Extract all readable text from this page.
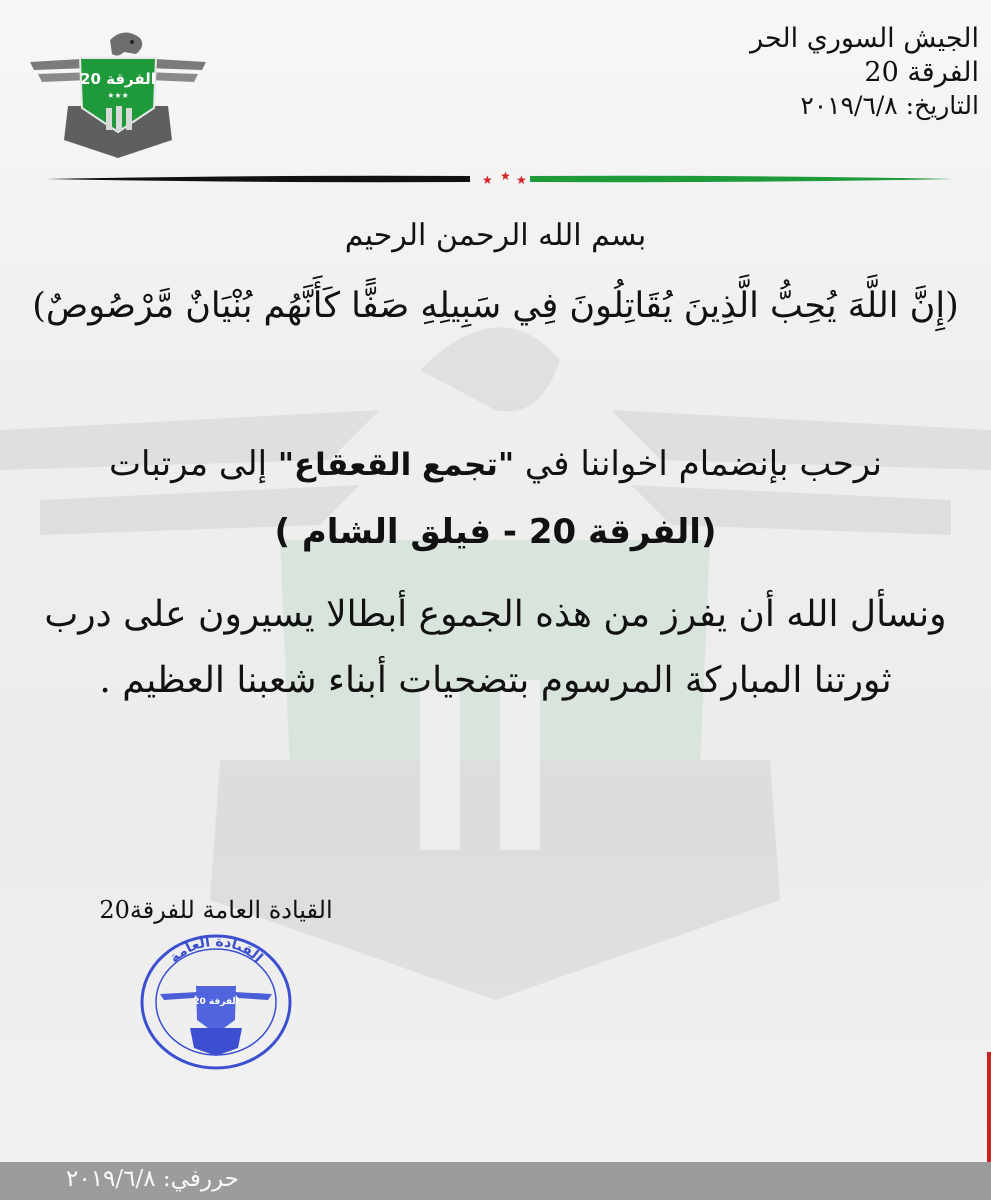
الجيش السوري الحر
الفرقة 20
التاريخ: ٢٠١٩/٦/٨
الفرقة 20
★★★
★ ★ ★
بسم الله الرحمن الرحيم
(إِنَّ اللَّهَ يُحِبُّ الَّذِينَ يُقَاتِلُونَ فِي سَبِيلِهِ صَفًّا كَأَنَّهُم بُنْيَانٌ مَّرْصُوصٌ)
نرحب بإنضمام اخواننا في "تجمع القعقاع" إلى مرتبات
(الفرقة 20 - فيلق الشام )
ونسأل الله أن يفرز من هذه الجموع أبطالا يسيرون على درب
ثورتنا المباركة المرسوم بتضحيات أبناء شعبنا العظيم .
القيادة العامة للفرقة20
القيادة العامة
الفرقة 20
حررفي: ٢٠١٩/٦/٨
